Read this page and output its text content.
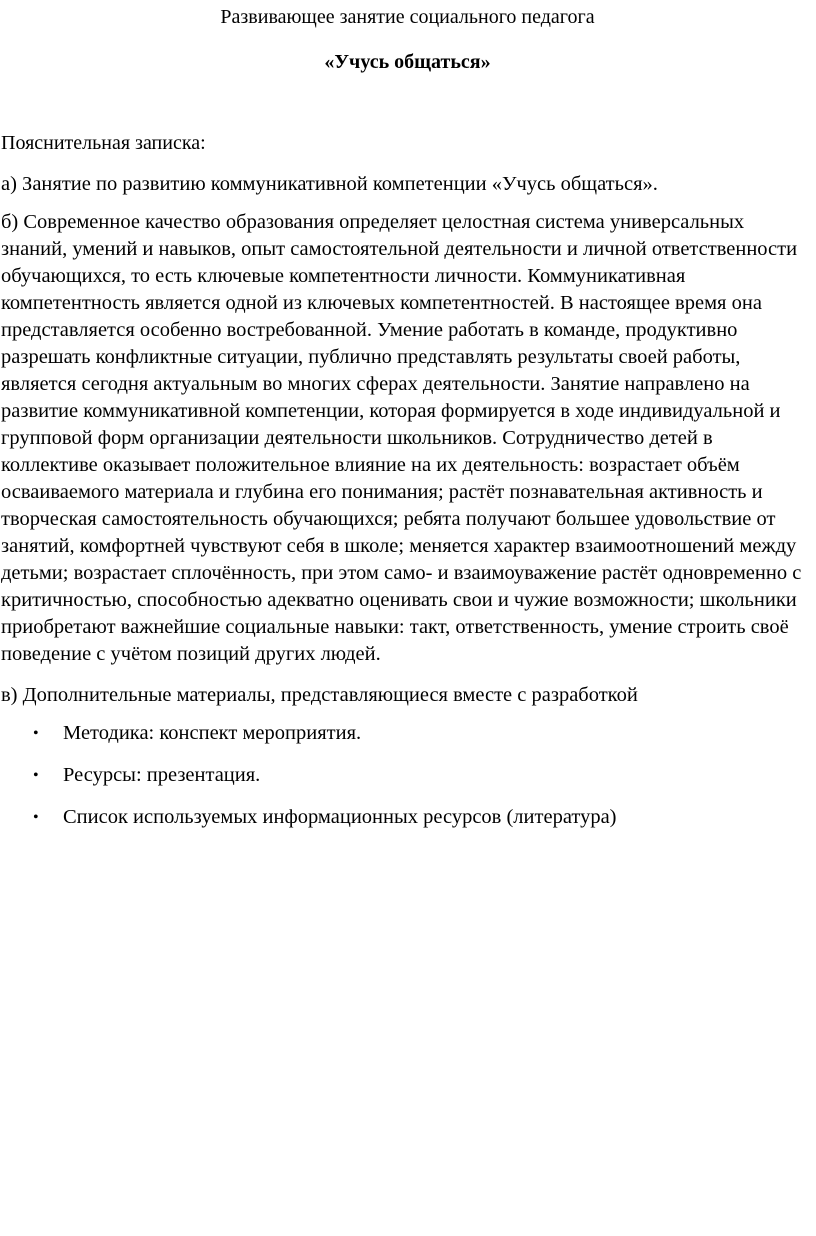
Развивающее занятие социального педагога
«Учусь общаться»
Пояснительная записка:
а) Занятие по развитию коммуникативной компетенции «Учусь общаться».
б) Современное качество образования определяет целостная система универсальных знаний, умений и навыков, опыт самостоятельной деятельности и личной ответственности обучающихся, то есть ключевые компетентности личности. Коммуникативная компетентность является одной из ключевых компетентностей. В настоящее время она представляется особенно востребованной. Умение работать в команде, продуктивно разрешать конфликтные ситуации, публично представлять результаты своей работы, является сегодня актуальным во многих сферах деятельности. Занятие направлено на развитие коммуникативной компетенции, которая формируется в ходе индивидуальной и групповой форм организации деятельности школьников. Сотрудничество детей в коллективе оказывает положительное влияние на их деятельность: возрастает объём осваиваемого материала и глубина его понимания; растёт познавательная активность и творческая самостоятельность обучающихся; ребята получают большее удовольствие от занятий, комфортней чувствуют себя в школе; меняется характер взаимоотношений между детьми; возрастает сплочённость, при этом само- и взаимоуважение растёт одновременно с критичностью, способностью адекватно оценивать свои и чужие возможности; школьники приобретают важнейшие социальные навыки: такт, ответственность, умение строить своё поведение с учётом позиций других людей.
в) Дополнительные материалы, представляющиеся вместе с разработкой
• Методика: конспект мероприятия.
• Ресурсы: презентация.
• Список используемых информационных ресурсов (литература)
